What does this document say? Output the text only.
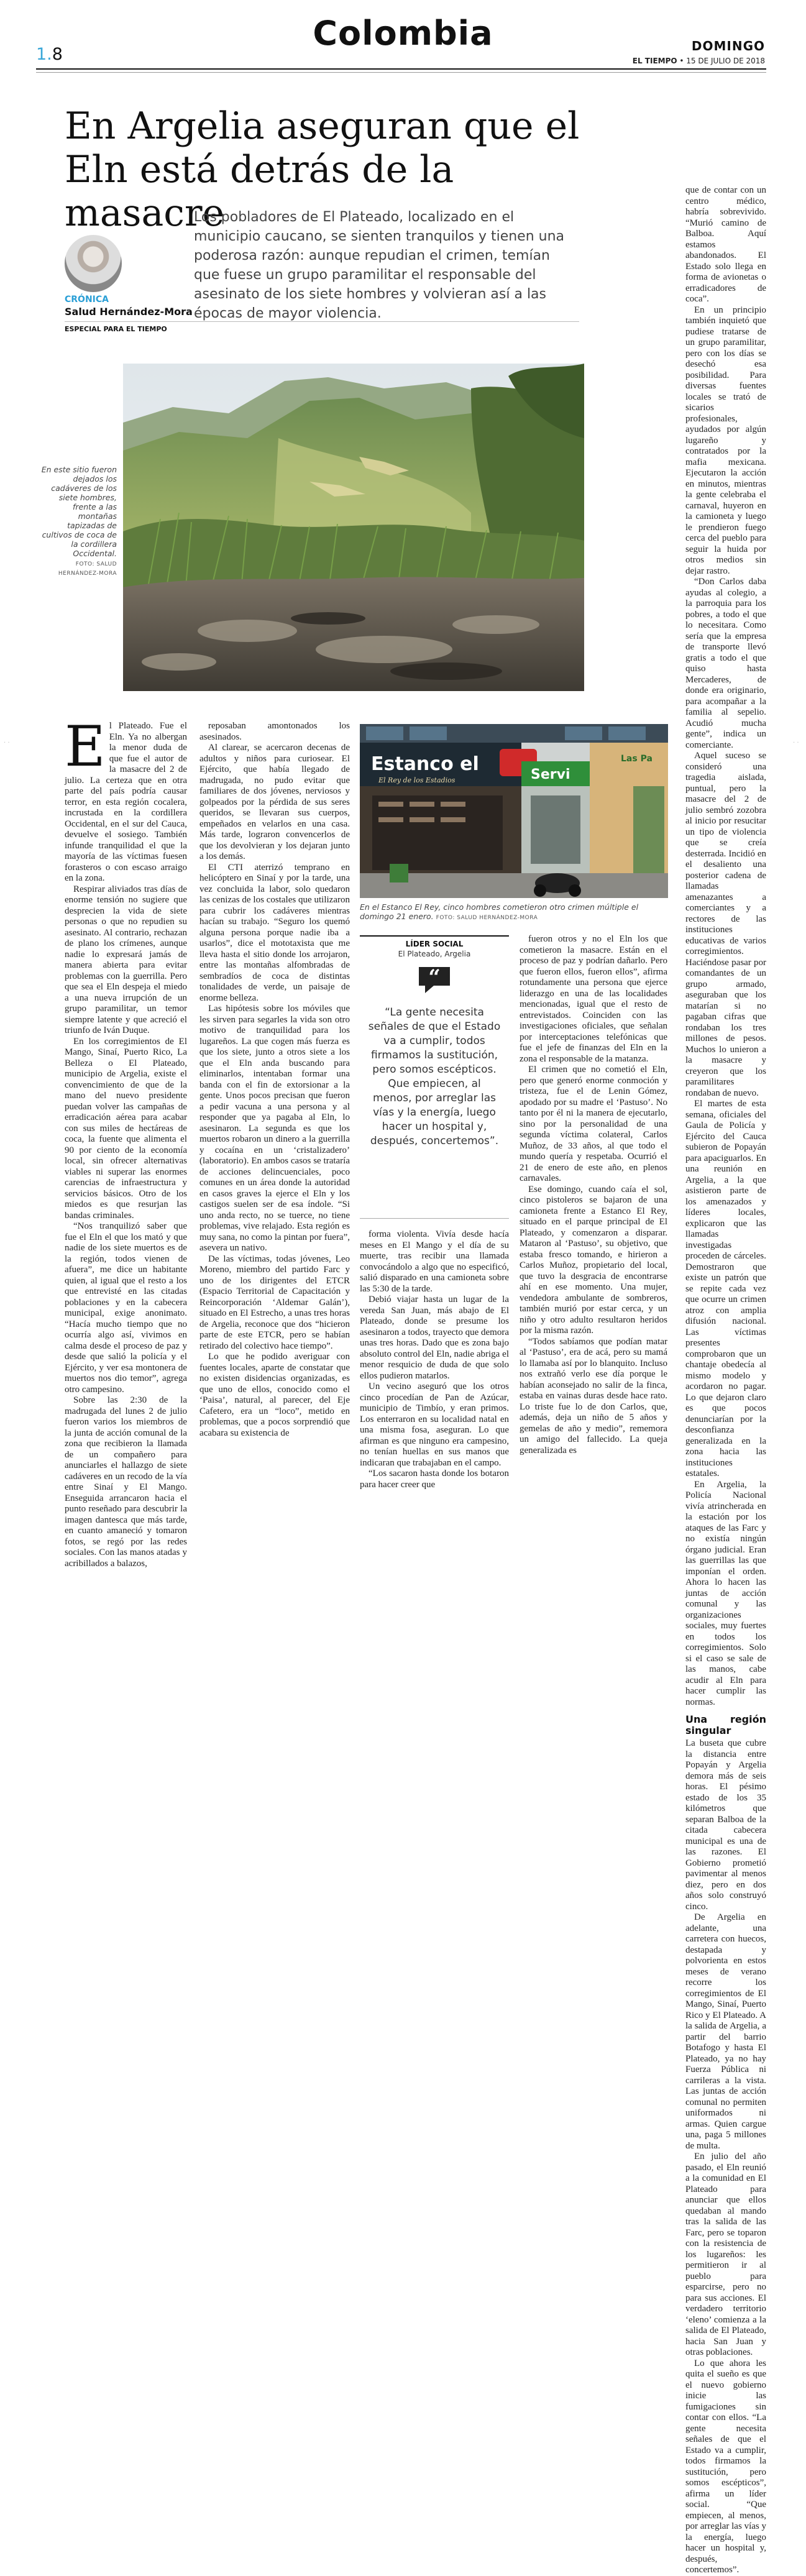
1.8
Colombia	DOMINGO
EL TIEMPO • 15 DE JULIO DE 2018
En Argelia aseguran que el Eln está detrás de la masacre
Los pobladores de El Plateado, localizado en el municipio caucano, se sienten tranquilos y tienen una poderosa razón: aunque repudian el crimen, temían que fuese un grupo paramilitar el responsable del asesinato de los siete hombres y volvieran así a las épocas de mayor violencia.
CRÓNICA
Salud Hernández-Mora
ESPECIAL PARA EL TIEMPO
En este sitio fueron dejados los cadáveres de los siete hombres, frente a las montañas tapizadas de cultivos de coca de la cordillera Occidental.
FOTO: SALUD HERNÁNDEZ-MORA

El Plateado. Fue el Eln. Ya no albergan la menor duda de que fue el autor de la masacre del 2 de julio. La certeza que en otra parte del país podría causar terror, en esta región cocalera, incrustada en la cordillera Occidental, en el sur del Cauca, devuelve el sosiego. También infunde tranquilidad el que la mayoría de las víctimas fuesen forasteros o con escaso arraigo en la zona.

Respirar aliviados tras días de enorme tensión no sugiere que desprecien la vida de siete personas o que no repudien su asesinato. Al contrario, rechazan de plano los crímenes, aunque nadie lo expresará jamás de manera abierta para evitar problemas con la guerrilla. Pero que sea el Eln despeja el miedo a una nueva irrupción de un grupo paramilitar, un temor siempre latente y que acreció el triunfo de Iván Duque.

En los corregimientos de El Mango, Sinaí, Puerto Rico, La Belleza o El Plateado, municipio de Argelia, existe el convencimiento de que de la mano del nuevo presidente puedan volver las campañas de erradicación aérea para acabar con sus miles de hectáreas de coca, la fuente que alimenta el 90 por ciento de la economía local, sin ofrecer alternativas viables ni superar las enormes carencias de infraestructura y servicios básicos. Otro de los miedos es que resurjan las bandas criminales.

“Nos tranquilizó saber que fue el Eln el que los mató y que nadie de los siete muertos es de la región, todos vienen de afuera”, me dice un habitante quien, al igual que el resto a los que entrevisté en las citadas poblaciones y en la cabecera municipal, exige anonimato. “Hacía mucho tiempo que no ocurría algo así, vivimos en calma desde el proceso de paz y desde que salió la policía y el Ejército, y ver esa montonera de muertos nos dio temor”, agrega otro campesino.

Sobre las 2:30 de la madrugada del lunes 2 de julio fueron varios los miembros de la junta de acción comunal de la zona que recibieron la llamada de un compañero para anunciarles el hallazgo de siete cadáveres en un recodo de la vía entre Sinaí y El Mango. Enseguida arrancaron hacia el punto reseñado para descubrir la imagen dantesca que más tarde, en cuanto amaneció y tomaron fotos, se regó por las redes sociales. Con las manos atadas y acribillados a balazos,

reposaban amontonados los asesinados.

Al clarear, se acercaron decenas de adultos y niños para curiosear. El Ejército, que había llegado de madrugada, no pudo evitar que familiares de dos jóvenes, nerviosos y golpeados por la pérdida de sus seres queridos, se llevaran sus cuerpos, empeñados en velarlos en una casa. Más tarde, lograron convencerlos de que los devolvieran y los dejaran junto a los demás.

El CTI aterrizó temprano en helicóptero en Sinaí y por la tarde, una vez concluida la labor, solo quedaron las cenizas de los costales que utilizaron para cubrir los cadáveres mientras hacían su trabajo. “Seguro los quemó alguna persona porque nadie iba a usarlos”, dice el mototaxista que me lleva hasta el sitio donde los arrojaron, entre las montañas alfombradas de sembradíos de coca de distintas tonalidades de verde, un paisaje de enorme belleza.

Las hipótesis sobre los móviles que les sirven para segarles la vida son otro motivo de tranquilidad para los lugareños. La que cogen más fuerza es que los siete, junto a otros siete a los que el Eln anda buscando para eliminarlos, intentaban formar una banda con el fin de extorsionar a la gente. Unos pocos precisan que fueron a pedir vacuna a una persona y al responder que ya pagaba al Eln, lo asesinaron. La segunda es que los muertos robaron un dinero a la guerrilla y cocaína en un ‘cristalizadero’ (laboratorio). En ambos casos se trataría de acciones delincuenciales, poco comunes en un área donde la autoridad en casos graves la ejerce el Eln y los castigos suelen ser de esa índole. “Si uno anda recto, no se tuerce, no tiene problemas, vive relajado. Esta región es muy sana, no como la pintan por fuera”, asevera un nativo.

De las víctimas, todas jóvenes, Leo Moreno, miembro del partido Farc y uno de los dirigentes del ETCR (Espacio Territorial de Capacitación y Reincorporación ‘Aldemar Galán’), situado en El Estrecho, a unas tres horas de Argelia, reconoce que dos “hicieron parte de este ETCR, pero se habían retirado del colectivo hace tiempo”.

Lo que he podido averiguar con fuentes locales, aparte de constatar que no existen disidencias organizadas, es que uno de ellos, conocido como el ‘Paisa’, natural, al parecer, del Eje Cafetero, era un “loco”, metido en problemas, que a pocos sorprendió que acabara su existencia de

forma violenta. Vivía desde hacía meses en El Mango y el día de su muerte, tras recibir una llamada convocándolo a algo que no especificó, salió disparado en una camioneta sobre las 5:30 de la tarde.

Debió viajar hasta un lugar de la vereda San Juan, más abajo de El Plateado, donde se presume los asesinaron a todos, trayecto que demora unas tres horas. Dado que es zona bajo absoluto control del Eln, nadie abriga el menor resquicio de duda de que solo ellos pudieron matarlos.

Un vecino aseguró que los otros cinco procedían de Pan de Azúcar, municipio de Timbío, y eran primos. Los enterraron en su localidad natal en una misma fosa, aseguran. Lo que afirman es que ninguno era campesino, no tenían huellas en sus manos que indicaran que trabajaban en el campo.

“Los sacaron hasta donde los botaron para hacer creer que

fueron otros y no el Eln los que cometieron la masacre. Están en el proceso de paz y podrían dañarlo. Pero que fueron ellos, fueron ellos”, afirma rotundamente una persona que ejerce liderazgo en una de las localidades mencionadas, igual que el resto de entrevistados. Coinciden con las investigaciones oficiales, que señalan por interceptaciones telefónicas que fue el jefe de finanzas del Eln en la zona el responsable de la matanza.

El crimen que no cometió el Eln, pero que generó enorme conmoción y tristeza, fue el de Lenin Gómez, apodado por su madre el ‘Pastuso’. No tanto por él ni la manera de ejecutarlo, sino por la personalidad de una segunda víctima colateral, Carlos Muñoz, de 33 años, al que todo el mundo quería y respetaba. Ocurrió el 21 de enero de este año, en plenos carnavales.

Ese domingo, cuando caía el sol, cinco pistoleros se bajaron de una camioneta frente a Estanco El Rey, situado en el parque principal de El Plateado, y comenzaron a disparar. Mataron al ‘Pastuso’, su objetivo, que estaba fresco tomando, e hirieron a Carlos Muñoz, propietario del local, que tuvo la desgracia de encontrarse ahí en ese momento. Una mujer, vendedora ambulante de sombreros, también murió por estar cerca, y un niño y otro adulto resultaron heridos por la misma razón.

“Todos sabíamos que podían matar al ‘Pastuso’, era de acá, pero su mamá lo llamaba así por lo blanquito. Incluso nos extrañó verlo ese día porque le habían aconsejado no salir de la finca, estaba en vainas duras desde hace rato. Lo triste fue lo de don Carlos, que, además, deja un niño de 5 años y gemelas de año y medio”, rememora un amigo del fallecido. La queja generalizada es

que de contar con un centro médico, habría sobrevivido. “Murió camino de Balboa. Aquí estamos abandonados. El Estado solo llega en forma de avionetas o erradicadores de coca”.

En un principio también inquietó que pudiese tratarse de un grupo paramilitar, pero con los días se desechó esa posibilidad. Para diversas fuentes locales se trató de sicarios profesionales, ayudados por algún lugareño y contratados por la mafia mexicana. Ejecutaron la acción en minutos, mientras la gente celebraba el carnaval, huyeron en la camioneta y luego le prendieron fuego cerca del pueblo para seguir la huida por otros medios sin dejar rastro.

“Don Carlos daba ayudas al colegio, a la parroquia para los pobres, a todo el que lo necesitara. Como sería que la empresa de transporte llevó gratis a todo el que quiso hasta Mercaderes, de donde era originario, para acompañar a la familia al sepelio. Acudió mucha gente”, indica un comerciante.

Aquel suceso se consideró una tragedia aislada, puntual, pero la masacre del 2 de julio sembró zozobra al inicio por resucitar un tipo de violencia que se creía desterrada. Incidió en el desaliento una posterior cadena de llamadas amenazantes a comerciantes y a rectores de las instituciones educativas de varios corregimientos. Haciéndose pasar por comandantes de un grupo armado, aseguraban que los matarían si no pagaban cifras que rondaban los tres millones de pesos. Muchos lo unieron a la masacre y creyeron que los paramilitares rondaban de nuevo.

El martes de esta semana, oficiales del Gaula de Policía y Ejército del Cauca subieron de Popayán para apaciguarlos. En una reunión en Argelia, a la que asistieron parte de los amenazados y líderes locales, explicaron que las llamadas investigadas proceden de cárceles. Demostraron que existe un patrón que se repite cada vez que ocurre un crimen atroz con amplia difusión nacional. Las víctimas presentes comprobaron que un chantaje obedecía al mismo modelo y acordaron no pagar. Lo que dejaron claro es que pocos denunciarían por la desconfianza generalizada en la zona hacia las instituciones estatales.

En Argelia, la Policía Nacional vivía atrincherada en la estación por los ataques de las Farc y no existía ningún órgano judicial. Eran las guerrillas las que imponían el orden. Ahora lo hacen las juntas de acción comunal y las organizaciones sociales, muy fuertes en todos los corregimientos. Solo si el caso se sale de las manos, cabe acudir al Eln para hacer cumplir las normas.

Una región singular

La buseta que cubre la distancia entre Popayán y Argelia demora más de seis horas. El pésimo estado de los 35 kilómetros que separan Balboa de la citada cabecera municipal es una de las razones. El Gobierno prometió pavimentar al menos diez, pero en dos años solo construyó cinco.

De Argelia en adelante, una carretera con huecos, destapada y polvorienta en estos meses de verano recorre los corregimientos de El Mango, Sinaí, Puerto Rico y El Plateado. A la salida de Argelia, a partir del barrio Botafogo y hasta El Plateado, ya no hay Fuerza Pública ni carrileras a la vista. Las juntas de acción comunal no permiten uniformados ni armas. Quien cargue una, paga 5 millones de multa.

En julio del año pasado, el Eln reunió a la comunidad en El Plateado para anunciar que ellos quedaban al mando tras la salida de las Farc, pero se toparon con la resistencia de los lugareños: les permitieron ir al pueblo para esparcirse, pero no para sus acciones. El verdadero territorio ‘eleno’ comienza a la salida de El Plateado, hacia San Juan y otras poblaciones.

Lo que ahora les quita el sueño es que el nuevo gobierno inicie las fumigaciones sin contar con ellos. “La gente necesita señales de que el Estado va a cumplir, todos firmamos la sustitución, pero somos escépticos”, afirma un líder social. “Que empiecen, al menos, por arreglar las vías y la energía, luego hacer un hospital y, después, concertemos”.

Estanco el
El Rey de los Estadios	Servi
Las Pa
En el Estanco El Rey, cinco hombres cometieron otro crimen múltiple el domingo 21 enero. FOTO: SALUD HERNÁNDEZ-MORA
LÍDER SOCIAL
El Plateado, Argelia
“
“La gente necesita señales de que el Estado va a cumplir, todos firmamos la sustitución, pero somos escépticos. Que empiecen, al menos, por arreglar las vías y la energía, luego hacer un hospital y, después, concertemos”.
· ·	· ·
